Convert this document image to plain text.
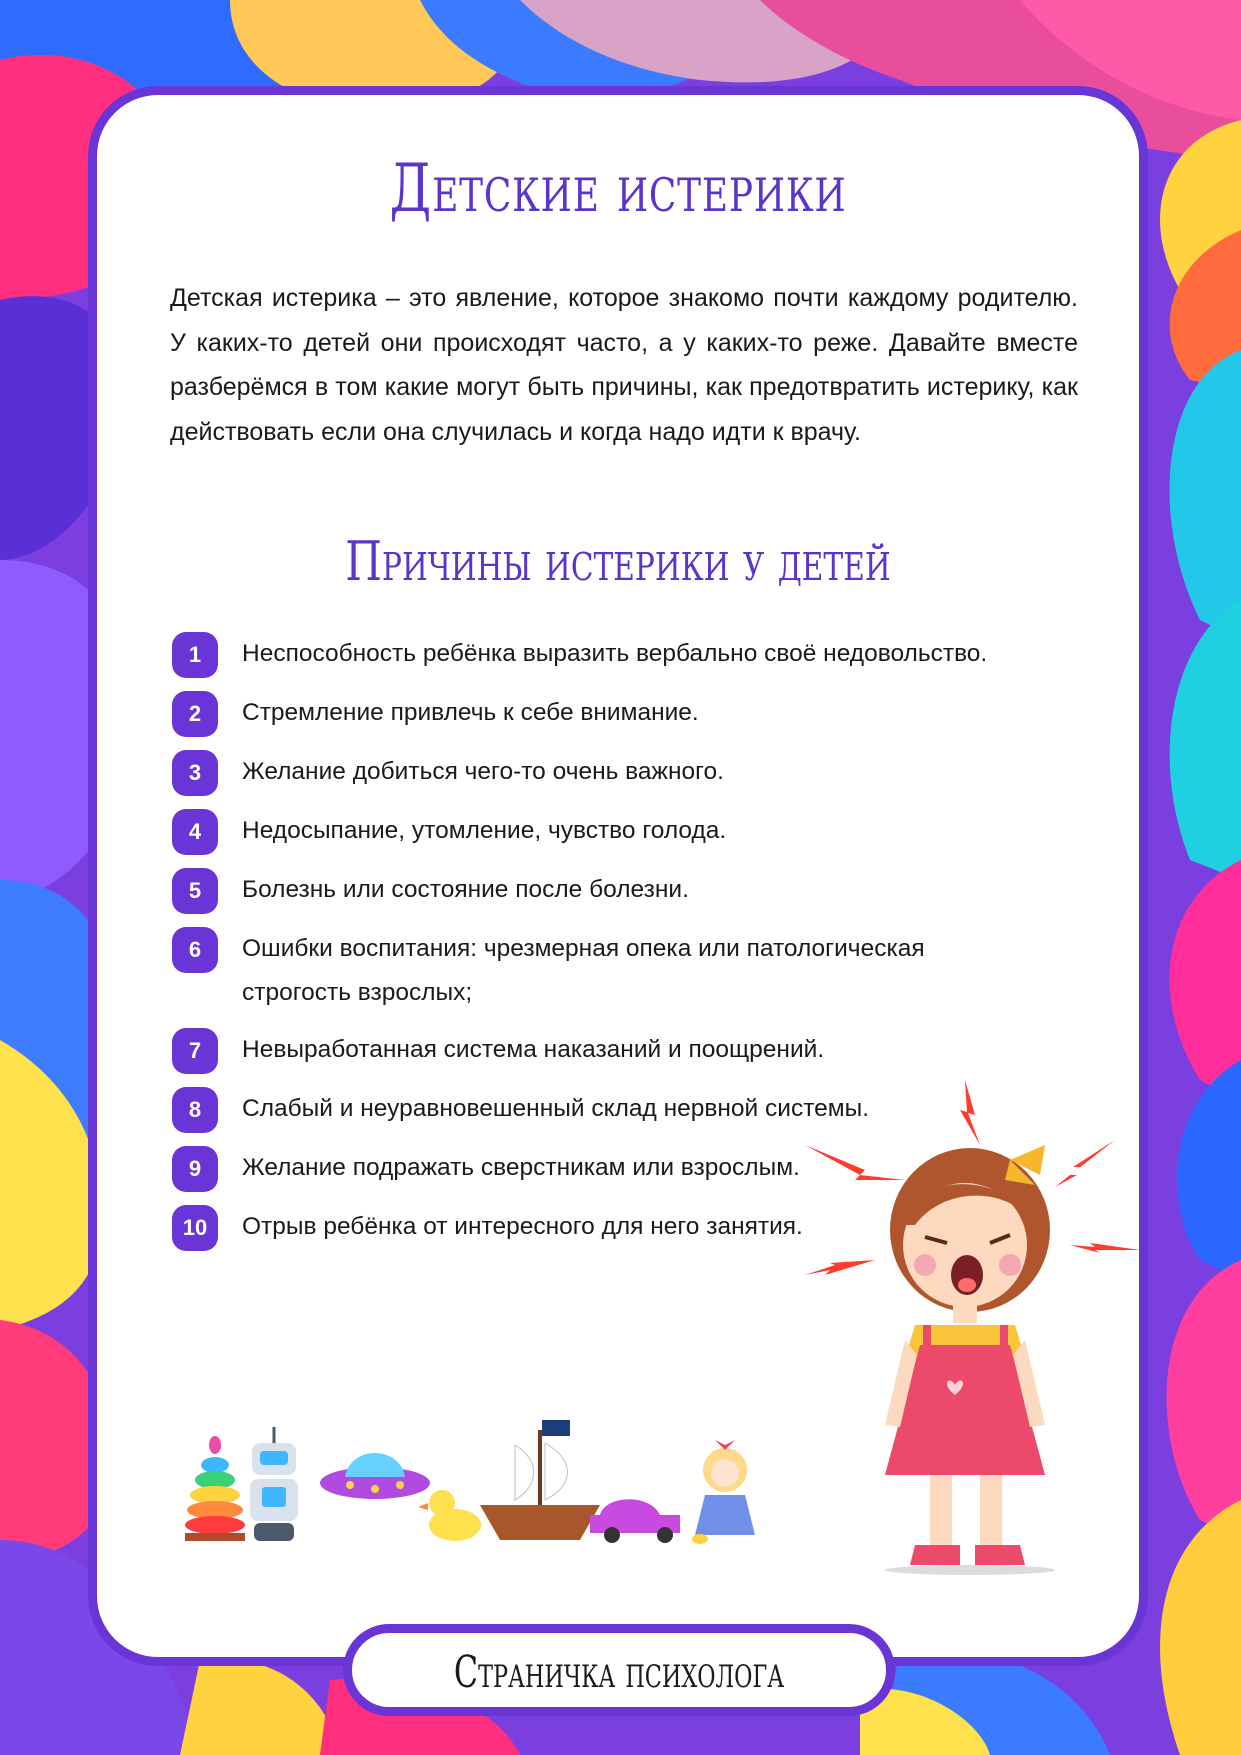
Детские истерики
Детская истерика – это явление, которое знакомо почти каждому родителю. У каких-то детей они происходят часто, а у каких-то реже. Давайте вместе разберёмся в том какие могут быть причины, как предотвратить истерику, как действовать если она случилась и когда надо идти к врачу.
Причины истерики у детей
1	Неспособность ребёнка выразить вербально своё недовольство.
2	Стремление привлечь к себе внимание.
3	Желание добиться чего-то очень важного.
4	Недосыпание, утомление, чувство голода.
5	Болезнь или состояние после болезни.
6	Ошибки воспитания: чрезмерная опека или патологическая строгость взрослых;
7	Невыработанная система наказаний и поощрений.
8	Слабый и неуравновешенный склад нервной системы.
9	Желание подражать сверстникам или взрослым.
10	Отрыв ребёнка от интересного для него занятия.
Страничка психолога
